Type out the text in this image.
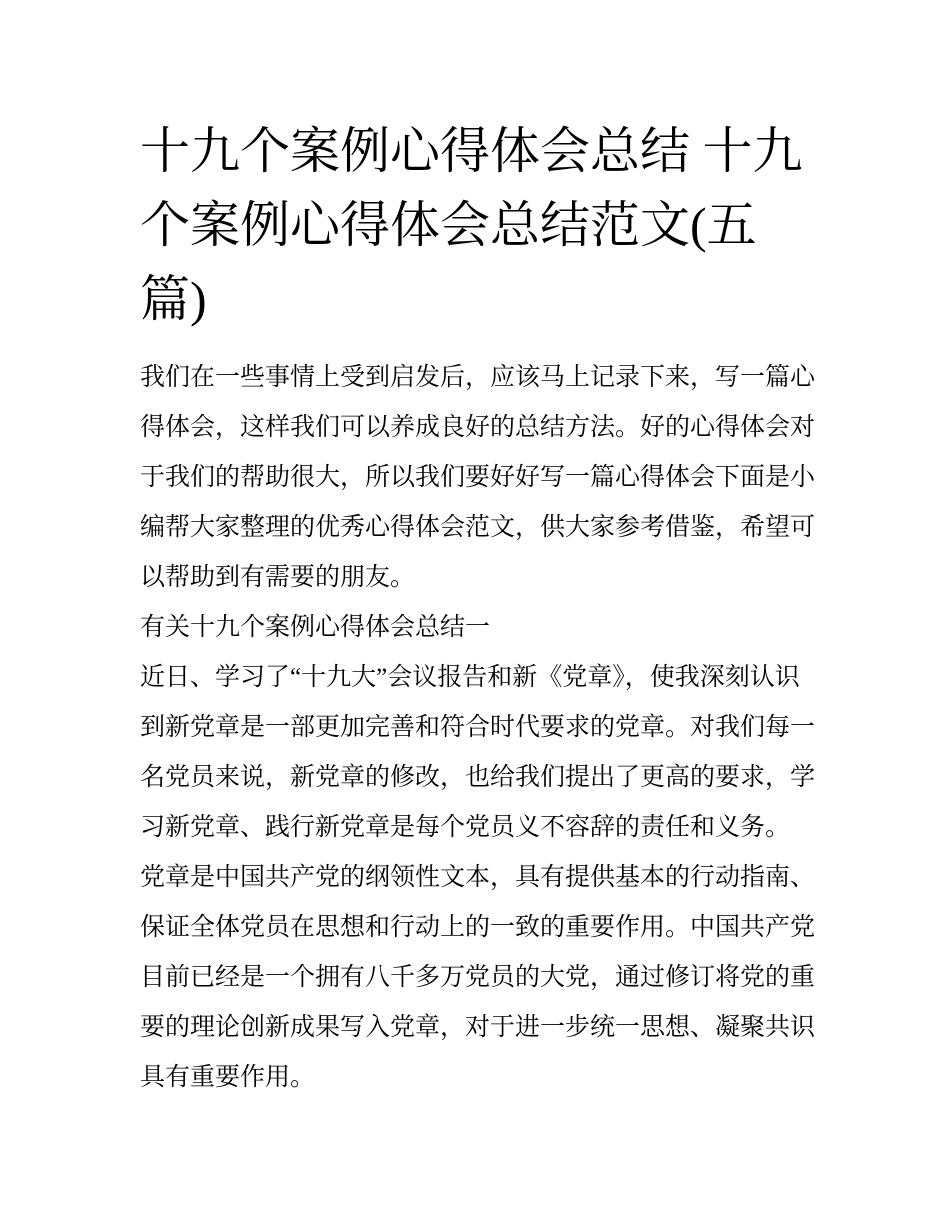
十九个案例心得体会总结 十九
个案例心得体会总结范文(五
篇)
我们在一些事情上受到启发后，应该马上记录下来，写一篇心
得体会，这样我们可以养成良好的总结方法。好的心得体会对
于我们的帮助很大，所以我们要好好写一篇心得体会下面是小
编帮大家整理的优秀心得体会范文，供大家参考借鉴，希望可
以帮助到有需要的朋友。
有关十九个案例心得体会总结一
近日、学习了“十九大”会议报告和新《党章》，使我深刻认识
到新党章是一部更加完善和符合时代要求的党章。对我们每一
名党员来说，新党章的修改，也给我们提出了更高的要求，学
习新党章、践行新党章是每个党员义不容辞的责任和义务。
党章是中国共产党的纲领性文本，具有提供基本的行动指南、
保证全体党员在思想和行动上的一致的重要作用。中国共产党
目前已经是一个拥有八千多万党员的大党，通过修订将党的重
要的理论创新成果写入党章，对于进一步统一思想、凝聚共识
具有重要作用。
